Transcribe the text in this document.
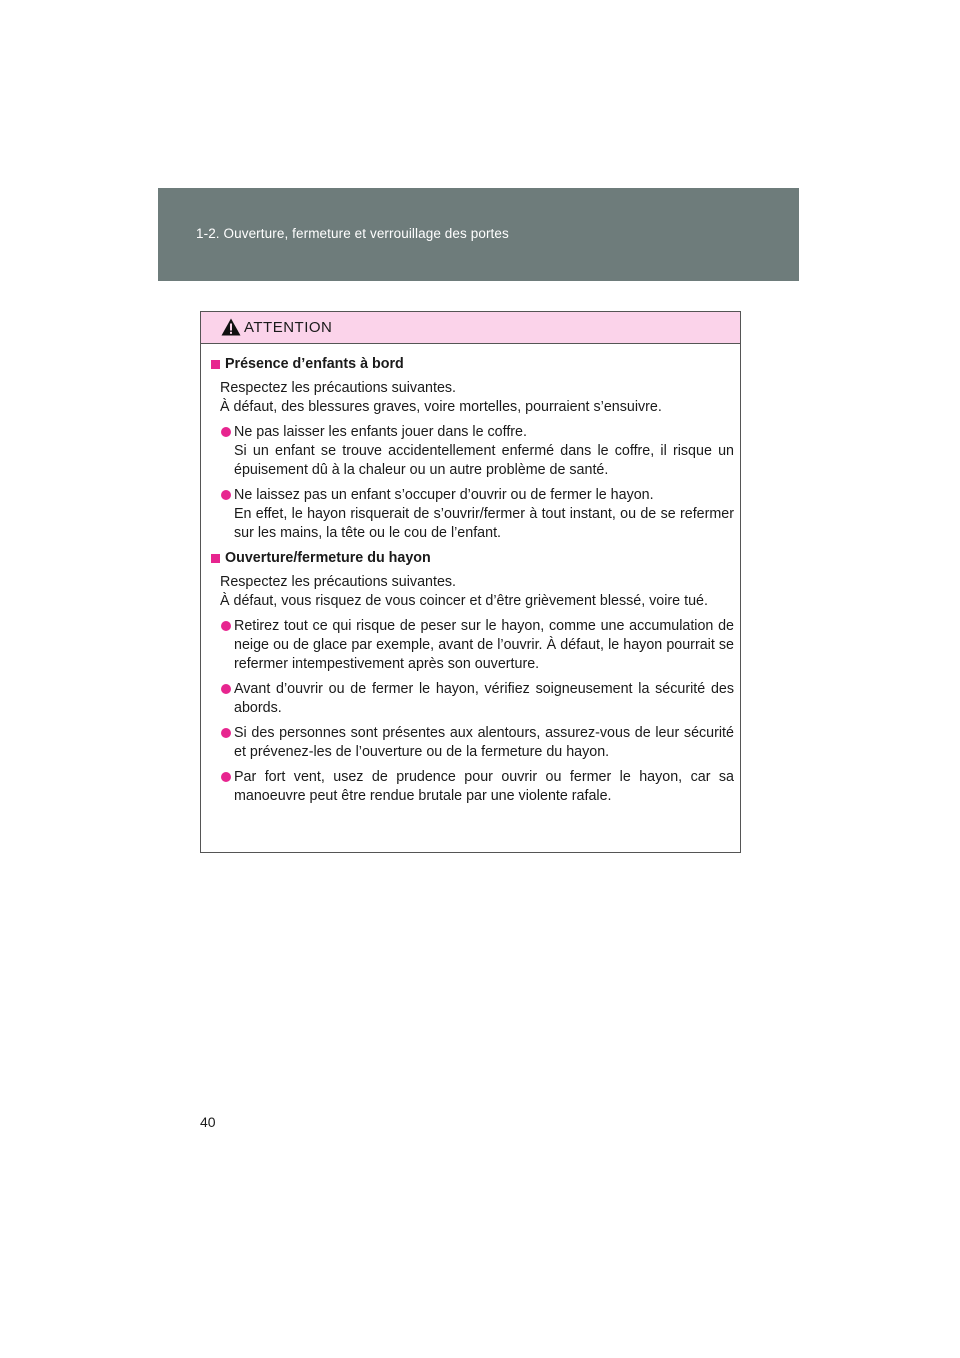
1-2. Ouverture, fermeture et verrouillage des portes
ATTENTION
Présence d’enfants à bord
Respectez les précautions suivantes.
À défaut, des blessures graves, voire mortelles, pourraient s’ensuivre.
Ne pas laisser les enfants jouer dans le coffre.
Si un enfant se trouve accidentellement enfermé dans le coffre, il risque un épuisement dû à la chaleur ou un autre problème de santé.
Ne laissez pas un enfant s’occuper d’ouvrir ou de fermer le hayon.
En effet, le hayon risquerait de s’ouvrir/fermer à tout instant, ou de se refermer sur les mains, la tête ou le cou de l’enfant.
Ouverture/fermeture du hayon
Respectez les précautions suivantes.
À défaut, vous risquez de vous coincer et d’être grièvement blessé, voire tué.
Retirez tout ce qui risque de peser sur le hayon, comme une accumulation de neige ou de glace par exemple, avant de l’ouvrir. À défaut, le hayon pourrait se refermer intempestivement après son ouverture.
Avant d’ouvrir ou de fermer le hayon, vérifiez soigneusement la sécurité des abords.
Si des personnes sont présentes aux alentours, assurez-vous de leur sécurité et prévenez-les de l’ouverture ou de la fermeture du hayon.
Par fort vent, usez de prudence pour ouvrir ou fermer le hayon, car sa manoeuvre peut être rendue brutale par une violente rafale.
40
